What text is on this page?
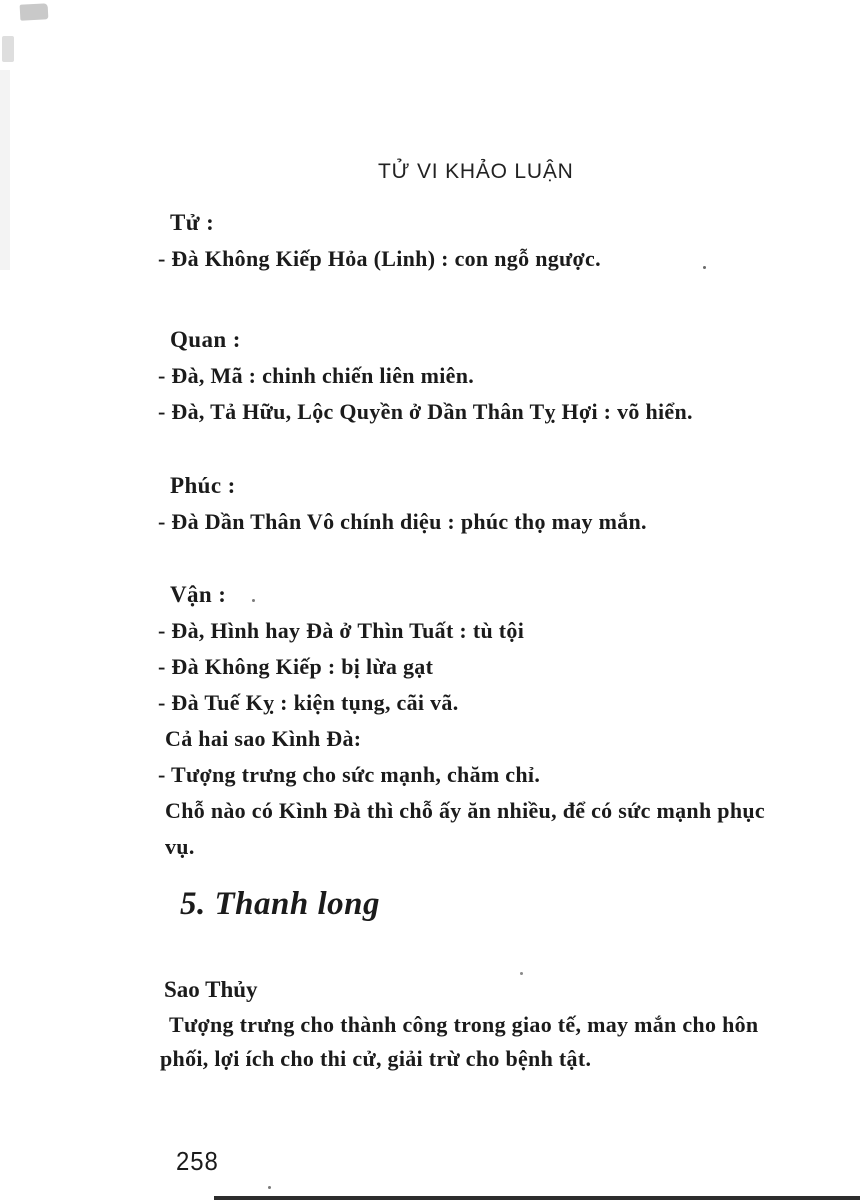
TỬ VI KHẢO LUẬN
Tử :
- Đà Không Kiếp Hỏa (Linh) : con ngỗ ngược.
Quan :
- Đà, Mã : chinh chiến liên miên.
- Đà, Tả Hữu, Lộc Quyền ở Dần Thân Tỵ Hợi : võ hiển.
Phúc :
- Đà Dần Thân Vô chính diệu : phúc thọ may mắn.
Vận :
- Đà, Hình hay Đà ở Thìn Tuất : tù tội
- Đà Không Kiếp : bị lừa gạt
- Đà Tuế Kỵ : kiện tụng, cãi vã.
Cả hai sao Kình Đà:
- Tượng trưng cho sức mạnh, chăm chỉ.
Chỗ nào có Kình Đà thì chỗ ấy ăn nhiều, để có sức mạnh phục
vụ.
5. Thanh long
Sao Thủy
Tượng trưng cho thành công trong giao tế, may mắn cho hôn
phối, lợi ích cho thi cử, giải trừ cho bệnh tật.
258
